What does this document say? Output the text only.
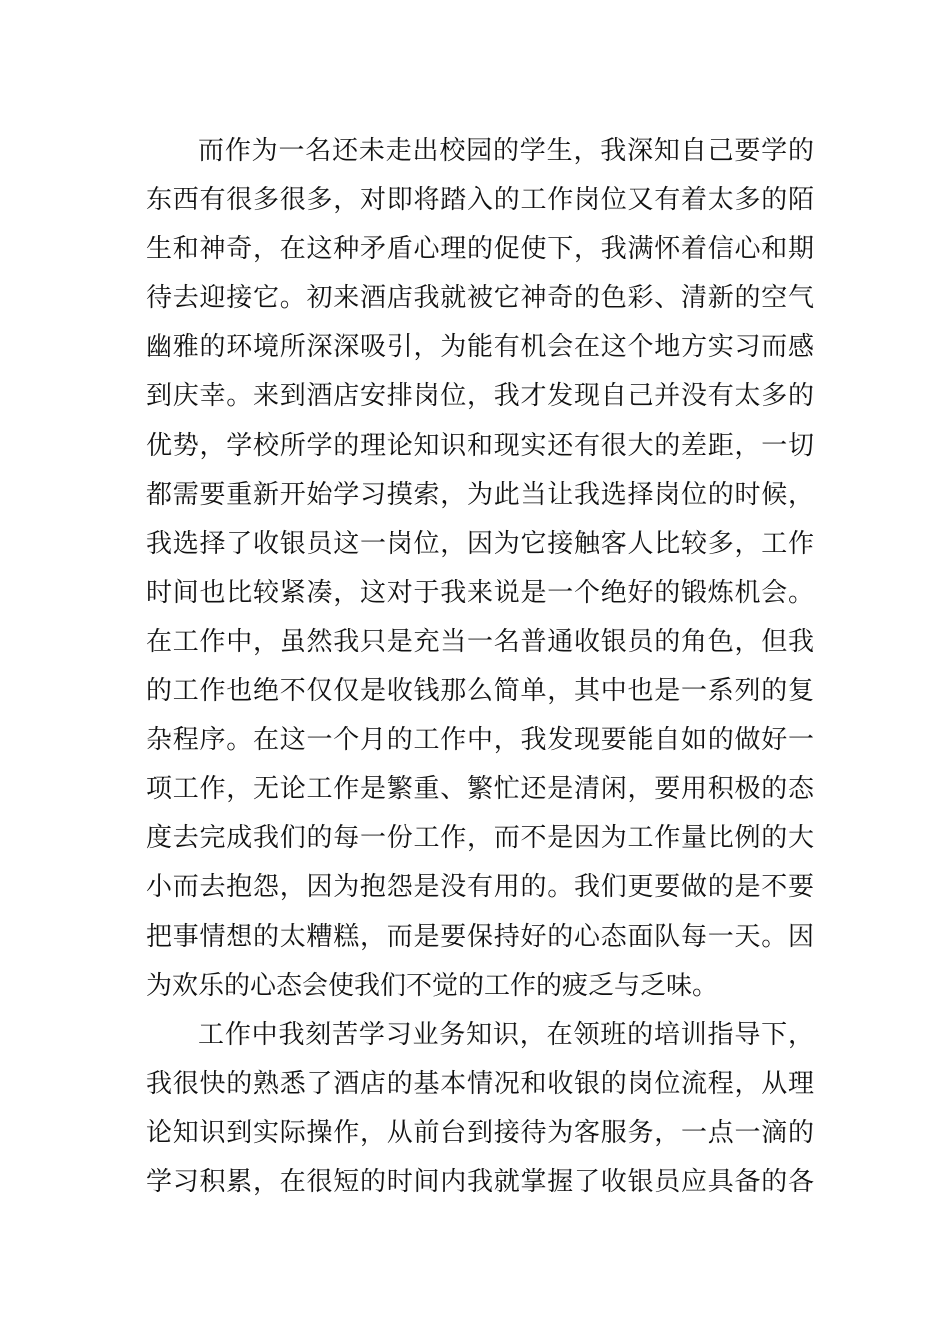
而作为一名还未走出校园的学生，我深知自己要学的
东西有很多很多，对即将踏入的工作岗位又有着太多的陌
生和神奇，在这种矛盾心理的促使下，我满怀着信心和期
待去迎接它。初来酒店我就被它神奇的色彩、清新的空气
幽雅的环境所深深吸引，为能有机会在这个地方实习而感
到庆幸。来到酒店安排岗位，我才发现自己并没有太多的
优势，学校所学的理论知识和现实还有很大的差距，一切
都需要重新开始学习摸索，为此当让我选择岗位的时候，
我选择了收银员这一岗位，因为它接触客人比较多，工作
时间也比较紧凑，这对于我来说是一个绝好的锻炼机会。
在工作中，虽然我只是充当一名普通收银员的角色，但我
的工作也绝不仅仅是收钱那么简单，其中也是一系列的复
杂程序。在这一个月的工作中，我发现要能自如的做好一
项工作，无论工作是繁重、繁忙还是清闲，要用积极的态
度去完成我们的每一份工作，而不是因为工作量比例的大
小而去抱怨，因为抱怨是没有用的。我们更要做的是不要
把事情想的太糟糕，而是要保持好的心态面队每一天。因
为欢乐的心态会使我们不觉的工作的疲乏与乏味。
工作中我刻苦学习业务知识，在领班的培训指导下，
我很快的熟悉了酒店的基本情况和收银的岗位流程，从理
论知识到实际操作，从前台到接待为客服务，一点一滴的
学习积累，在很短的时间内我就掌握了收银员应具备的各
